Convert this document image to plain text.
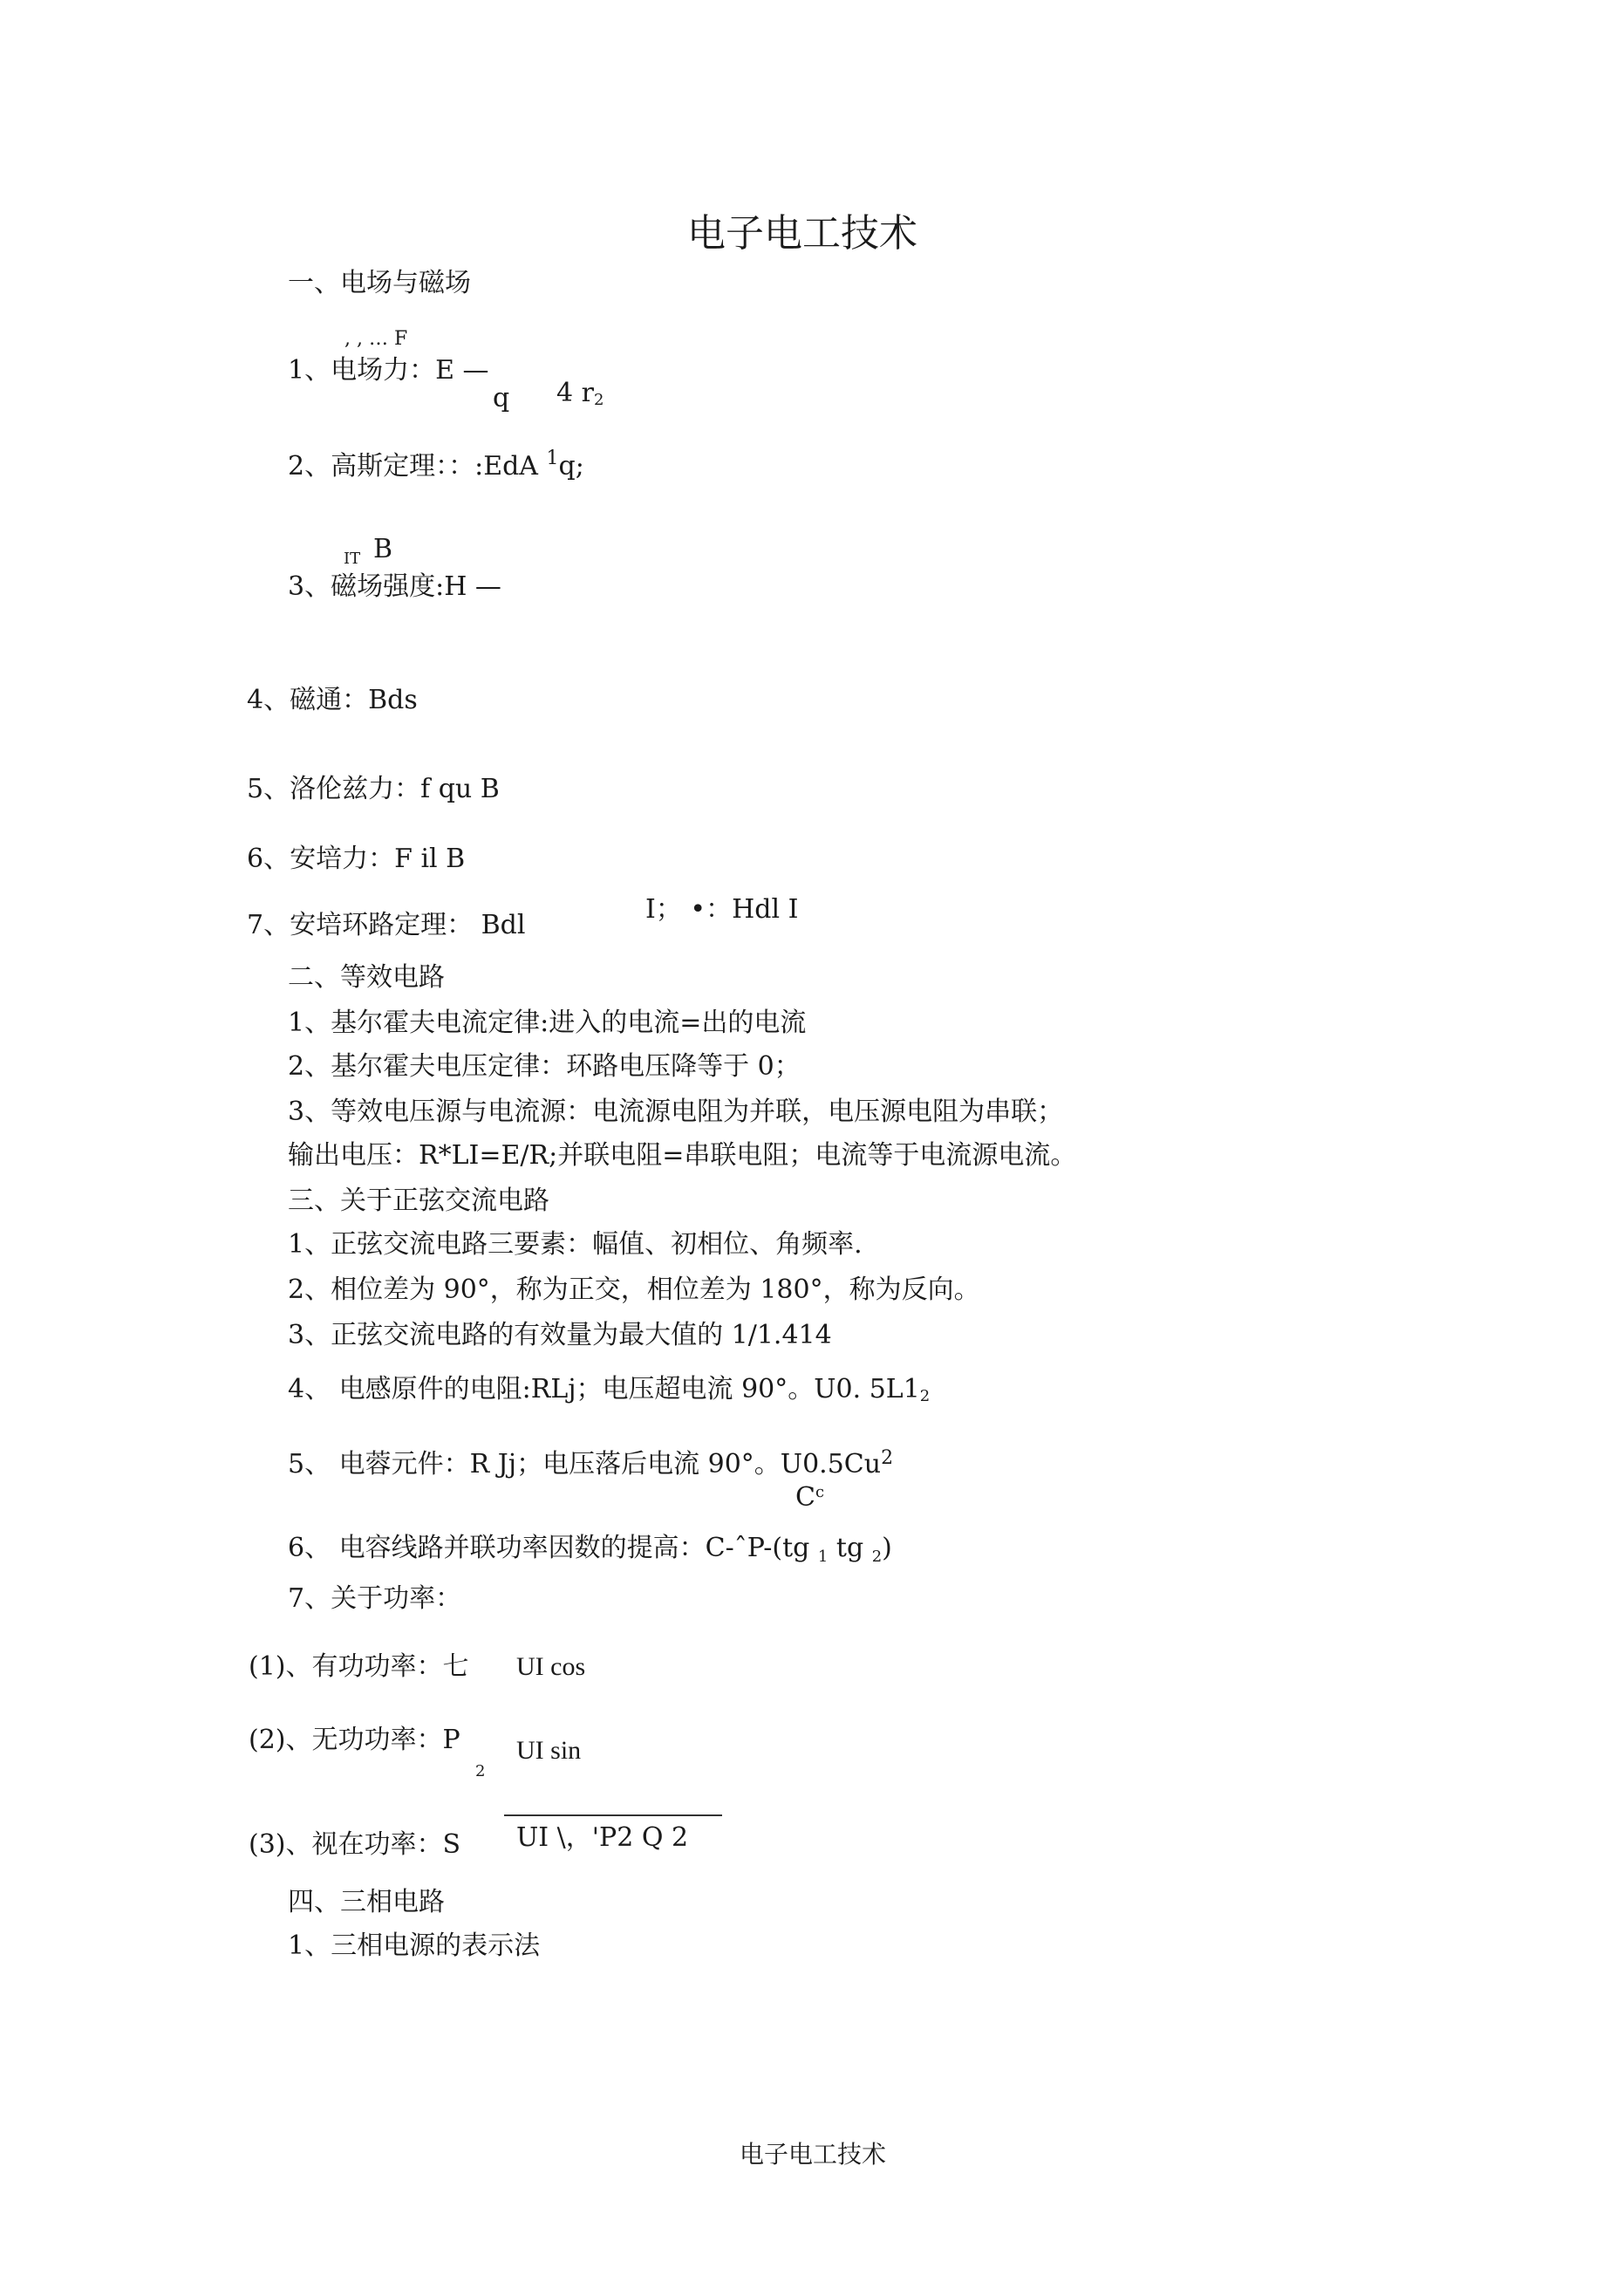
电子电工技术
一、电场与磁场
, , … F
1、电场力：E —
q 4 r2
2、高斯定理：：:EdA $^1$q;
IT B
3、磁场强度:H —
4、磁通：Bds
5、洛伦兹力：f qu B
6、安培力：F il B
7、安培环路定理： Bdl
I； •：Hdl I
二、等效电路
1、基尔霍夫电流定律:进入的电流=出的电流
2、基尔霍夫电压定律：环路电压降等于 0；
3、等效电压源与电流源：电流源电阻为并联，电压源电阻为串联；
输出电压：R*LI=E/R;并联电阻=串联电阻；电流等于电流源电流。
三、关于正弦交流电路
1、正弦交流电路三要素：幅值、初相位、角频率.
2、相位差为 90°，称为正交，相位差为 180°，称为反向。
3、正弦交流电路的有效量为最大值的 1/1.414
4、 电感原件的电阻:RLj；电压超电流 90°。U0. 5L12
5、 电蓉元件：R Jj；电压落后电流 90°。U0.5Cu$^2$
$C^c$
6、 电容线路并联功率因数的提高：C-ˆP-(tg $_1$ tg $_2$)
7、关于功率：
(1)、有功功率：七 UI cos
(2)、无功功率：P
2
UI sin
(3)、视在功率：S UI \，'P2 Q 2
四、三相电路
1、三相电源的表示法
电子电工技术
